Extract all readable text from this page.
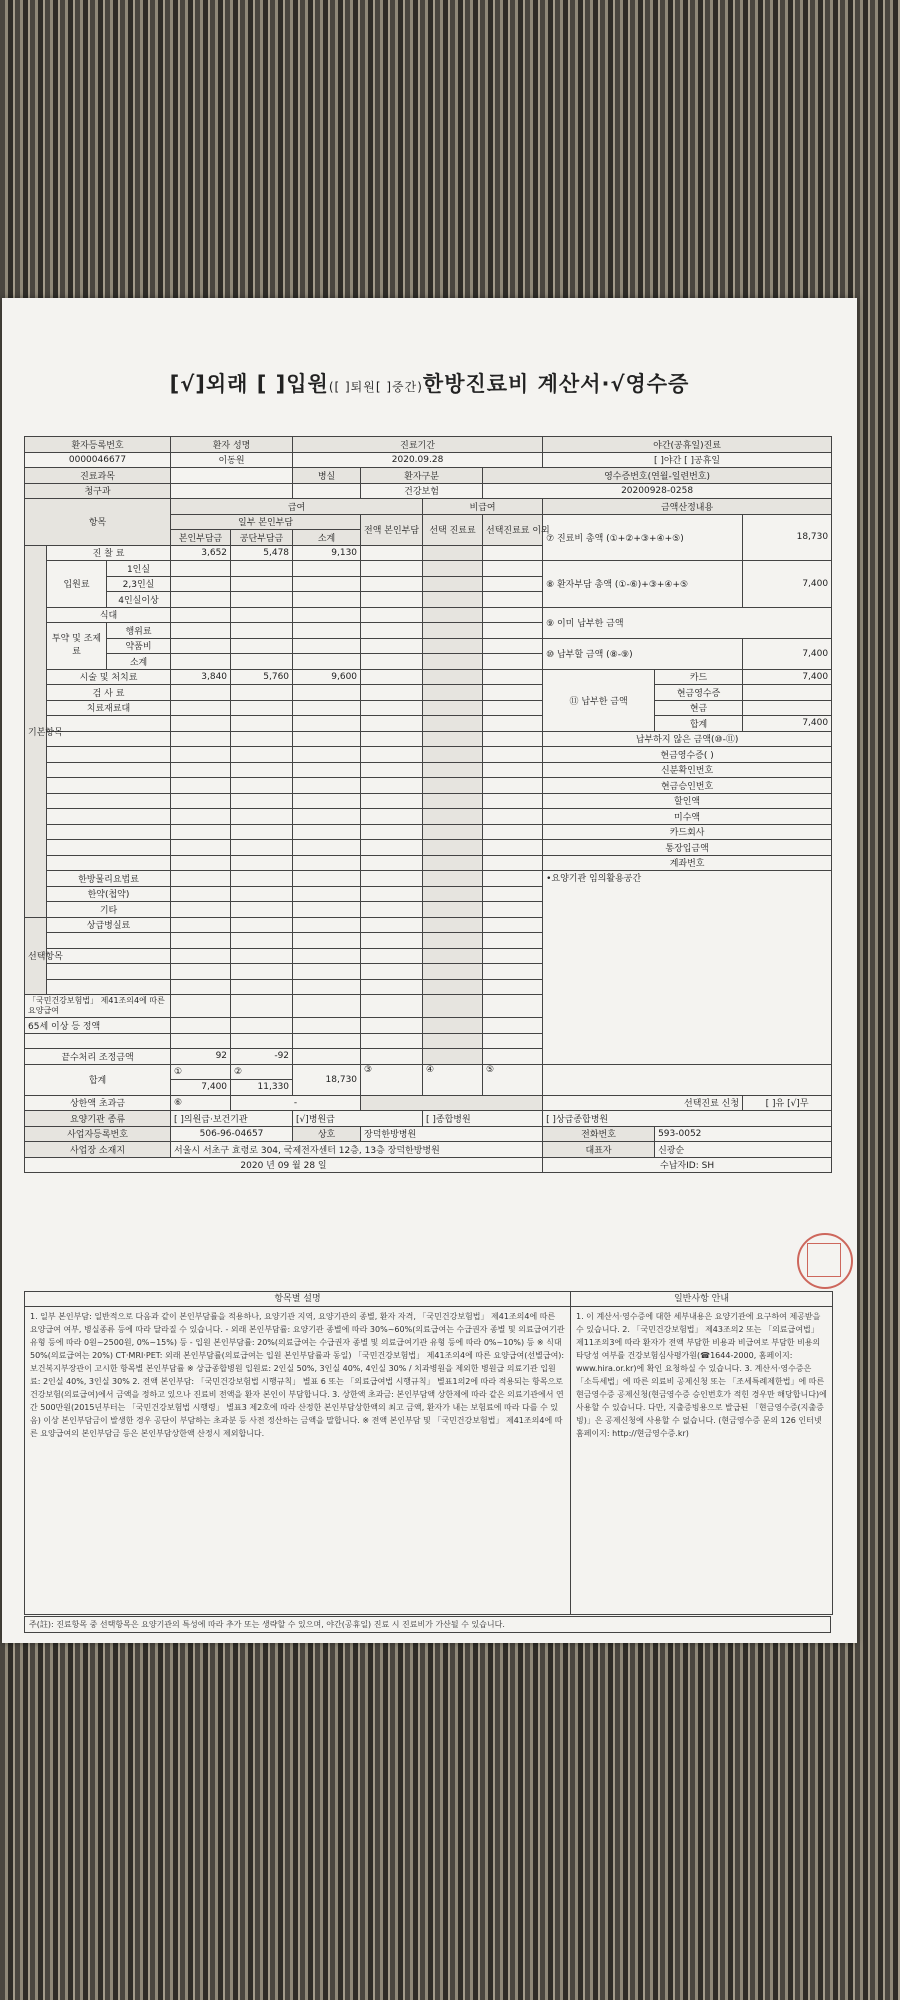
[√]외래 [ ]입원([ ]퇴원[ ]중간)한방진료비 계산서·√영수증
환자등록번호			환자 성명		진료기간				야간(공휴일)진료		
0000046677			이동원		2020.09.28				[ ]야간 [ ]공휴일		
진료과목					병실	환자구분		영수증번호(연월-일련번호)			
청구과						건강보험		20200928-0258			
항목			급여				비급여		금액산정내용		
			일부 본인부담			전액 본인부담	선택 진료료	선택진료료 이외	⑦ 진료비 총액 (①+②+③+④+⑤)		18,730
			본인부담금	공단부담금	소계						
기본항목	진 찰 료		3,652	5,478	9,130						
	입원료	1인실							⑧ 환자부담 총액 (①-⑥)+③+④+⑤		7,400
		2,3인실									
		4인실이상									
	식대								⑨ 이미 납부한 금액		
	투약 및 조제료	행위료									
		약품비							⑩ 납부할 금액 (⑧-⑨)		7,400
		소계									
	시술 및 처치료		3,840	5,760	9,600				⑪ 납부한 금액	카드	7,400
	검 사 료									현금영수증	
	치료재료대									현금	
										합계	7,400
									납부하지 않은 금액(⑩-⑪)		
									현금영수증( )		
									신분확인번호		
									현금승인번호		
									할인액		
									미수액		
									카드회사		
									통장입금액		
									계좌번호		
	한방물리요법료								•요양기관 임의활용공간		
	한약(첩약)										
	기타										
선택항목	상급병실료										

「국민건강보험법」 제41조의4에 따른 요양급여											
65세 이상 등 정액											

끝수처리 조정금액			92	-92							
합계			①	②	18,730	③	④	⑤			
			7,400	11,330							
상한액 초과금			⑥	-					선택진료 신청		[ ]유 [√]무
요양기관 종류			[ ]의원급·보건기관		[√]병원급		[ ]종합병원		[ ]상급종합병원		
사업자등록번호			506-96-04657		상호	장덕한방병원			전화번호	593-0052	
사업장 소재지			서울시 서초구 효령로 304, 국제전자센터 12층, 13층 장덕한방병원						대표자	신광순	
2020 년 09 월 28 일									수납자ID: SH		
항목별 설명
1. 일부 본인부담: 일반적으로 다음과 같이 본인부담률을 적용하나, 요양기관 지역, 요양기관의 종별, 환자 자격, 「국민건강보험법」 제41조의4에 따른 요양급여 여부, 병실종류 등에 따라 달라질 수 있습니다. - 외래 본인부담률: 요양기관 종별에 따라 30%~60%(의료급여는 수급권자 종별 및 의료급여기관 유형 등에 따라 0원~2500원, 0%~15%) 등 - 입원 본인부담률: 20%(의료급여는 수급권자 종별 및 의료급여기관 유형 등에 따라 0%~10%) 등 ※ 식대 50%(의료급여는 20%) CT·MRI·PET: 외래 본인부담률(의료급여는 입원 본인부담률과 동일) 「국민건강보험법」 제41조의4에 따른 요양급여(선별급여): 보건복지부장관이 고시한 항목별 본인부담률 ※ 상급종합병원 입원료: 2인실 50%, 3인실 40%, 4인실 30% / 치과병원을 제외한 병원급 의료기관 입원료: 2인실 40%, 3인실 30% 2. 전액 본인부담: 「국민건강보험법 시행규칙」 별표 6 또는 「의료급여법 시행규칙」 별표1의2에 따라 적용되는 항목으로 건강보험(의료급여)에서 금액을 정하고 있으나 진료비 전액을 환자 본인이 부담합니다. 3. 상한액 초과금: 본인부담액 상한제에 따라 같은 의료기관에서 연간 500만원(2015년부터는 「국민건강보험법 시행령」 별표3 제2호에 따라 산정한 본인부담상한액의 최고 금액, 환자가 내는 보험료에 따라 다를 수 있음) 이상 본인부담금이 발생한 경우 공단이 부담하는 초과분 등 사전 정산하는 금액을 말합니다. ※ 전액 본인부담 및 「국민건강보험법」 제41조의4에 따른 요양급여의 본인부담금 등은 본인부담상한액 산정시 제외합니다.
일반사항 안내
1. 이 계산서·영수증에 대한 세부내용은 요양기관에 요구하여 제공받을 수 있습니다. 2. 「국민건강보험법」 제43조의2 또는 「의료급여법」 제11조의3에 따라 환자가 전액 부담한 비용과 비급여로 부담한 비용의 타당성 여부를 건강보험심사평가원(☎1644-2000, 홈페이지: www.hira.or.kr)에 확인 요청하실 수 있습니다. 3. 계산서·영수증은 「소득세법」에 따른 의료비 공제신청 또는 「조세특례제한법」에 따른 현금영수증 공제신청(현금영수증 승인번호가 적힌 경우만 해당합니다)에 사용할 수 있습니다. 다만, 지출증빙용으로 발급된 「현금영수증(지출증빙)」은 공제신청에 사용할 수 없습니다. (현금영수증 문의 126 인터넷 홈페이지: http://현금영수증.kr)
주(註): 진료항목 중 선택항목은 요양기관의 특성에 따라 추가 또는 생략할 수 있으며, 야간(공휴일) 진료 시 진료비가 가산될 수 있습니다.
